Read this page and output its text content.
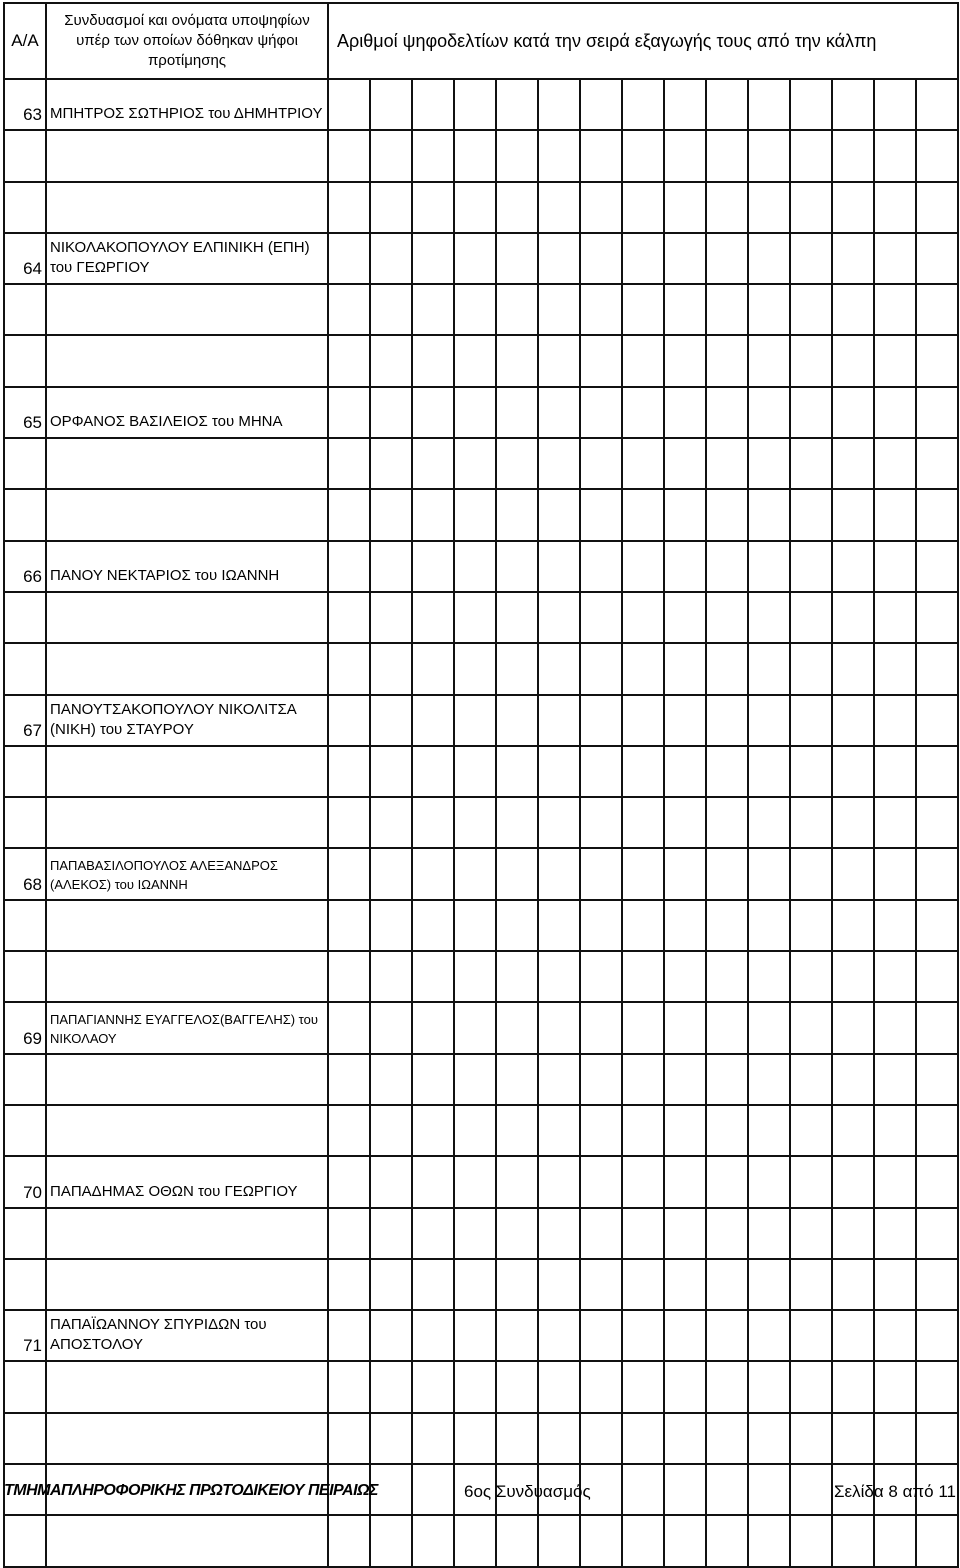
Α/Α	Συνδυασμοί και ονόματα υποψηφίων υπέρ των οποίων δόθηκαν ψήφοι προτίμησης	Αριθμοί ψηφοδελτίων κατά την σειρά εξαγωγής τους από την κάλπη														
63	ΜΠΗΤΡΟΣ ΣΩΤΗΡΙΟΣ του ΔΗΜΗΤΡΙΟΥ															

64	ΝΙΚΟΛΑΚΟΠΟΥΛΟΥ ΕΛΠΙΝΙΚΗ (ΕΠΗ) του ΓΕΩΡΓΙΟΥ															

65	ΟΡΦΑΝΟΣ ΒΑΣΙΛΕΙΟΣ του ΜΗΝΑ															

66	ΠΑΝΟΥ ΝΕΚΤΑΡΙΟΣ του ΙΩΑΝΝΗ															

67	ΠΑΝΟΥΤΣΑΚΟΠΟΥΛΟΥ ΝΙΚΟΛΙΤΣΑ (ΝΙΚΗ) του ΣΤΑΥΡΟΥ															

68	ΠΑΠΑΒΑΣΙΛΟΠΟΥΛΟΣ ΑΛΕΞΑΝΔΡΟΣ (ΑΛΕΚΟΣ) του ΙΩΑΝΝΗ															

69	ΠΑΠΑΓΙΑΝΝΗΣ ΕΥΑΓΓΕΛΟΣ(ΒΑΓΓΕΛΗΣ) του ΝΙΚΟΛΑΟΥ															

70	ΠΑΠΑΔΗΜΑΣ ΟΘΩΝ του ΓΕΩΡΓΙΟΥ															

71	ΠΑΠΑΪΩΑΝΝΟΥ ΣΠΥΡΙΔΩΝ του ΑΠΟΣΤΟΛΟΥ															

ΤΜΗΜΑΠΛΗΡΟΦΟΡΙΚΗΣ ΠΡΩΤΟΔΙΚΕΙΟΥ ΠΕΙΡΑΙΩΣ	6ος Συνδυασμός	Σελίδα 8 από 11
